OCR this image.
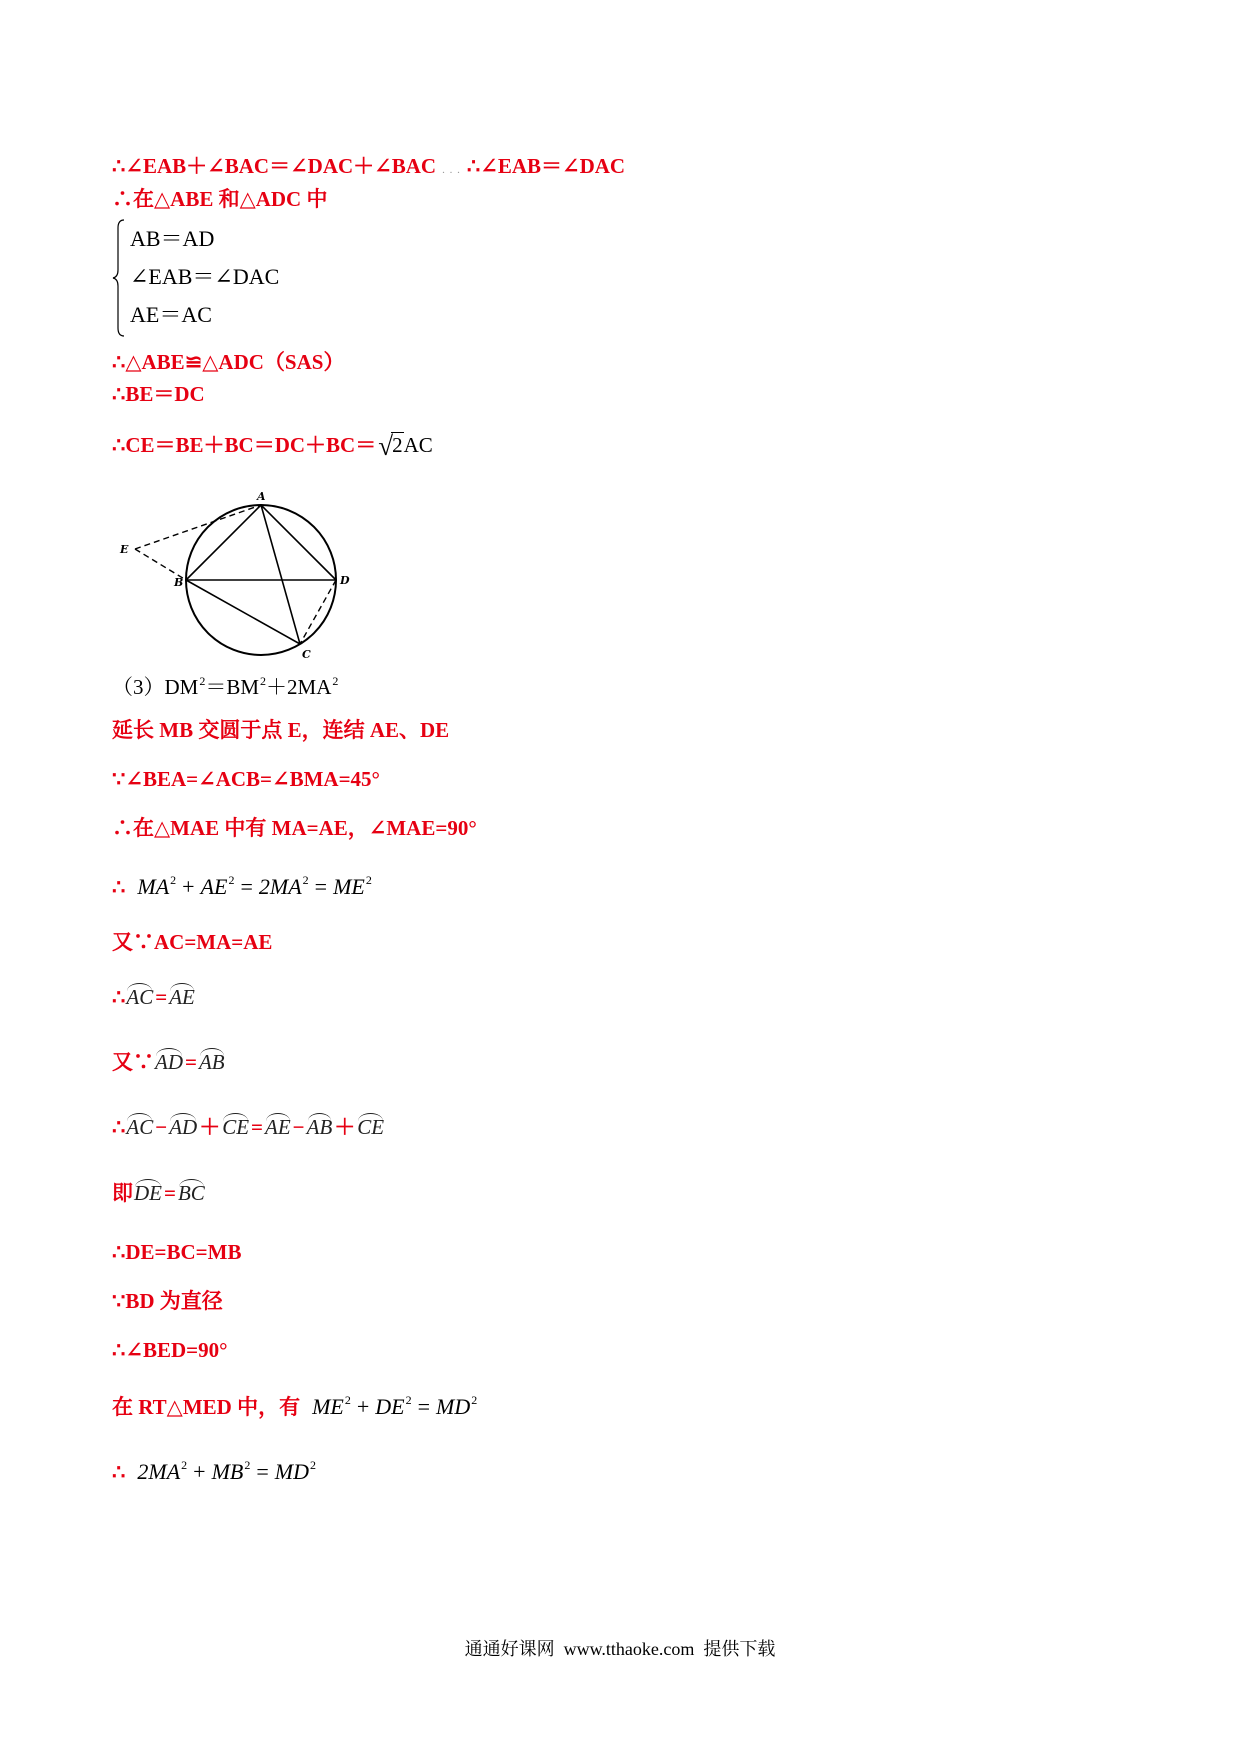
∴∠EAB＋∠BAC＝∠DAC＋∠BAC . . . ∴∠EAB＝∠DAC
∴在△ABE 和△ADC 中
AB＝AD
∠EAB＝∠DAC
AE＝AC
∴△ABE≌△ADC（SAS）
∴BE＝DC
∴CE＝BE＋BC＝DC＋BC＝√2AC
A
E
B	D
C
$(3)DM^2=BM^2+2MA^2$
延长 MB 交圆于点 E，连结 AE、DE
∵∠BEA=∠ACB=∠BMA=45°
∴在△MAE 中有 MA=AE，∠MAE=90°
∴ $MA^2 + AE^2 = 2MA^2 = ME^2$
又∵AC=MA=AE
∴AC=AE
又∵AD=AB
∴AC−AD＋CE=AE−AB＋CE
即DE=BC
∴DE=BC=MB
∵BD 为直径
∴∠BED=90°
在 RT△MED 中，有 $ME^2 + DE^2 = MD^2$
∴ $2MA^2 + MB^2 = MD^2$
通通好课网  www.tthaoke.com  提供下载
